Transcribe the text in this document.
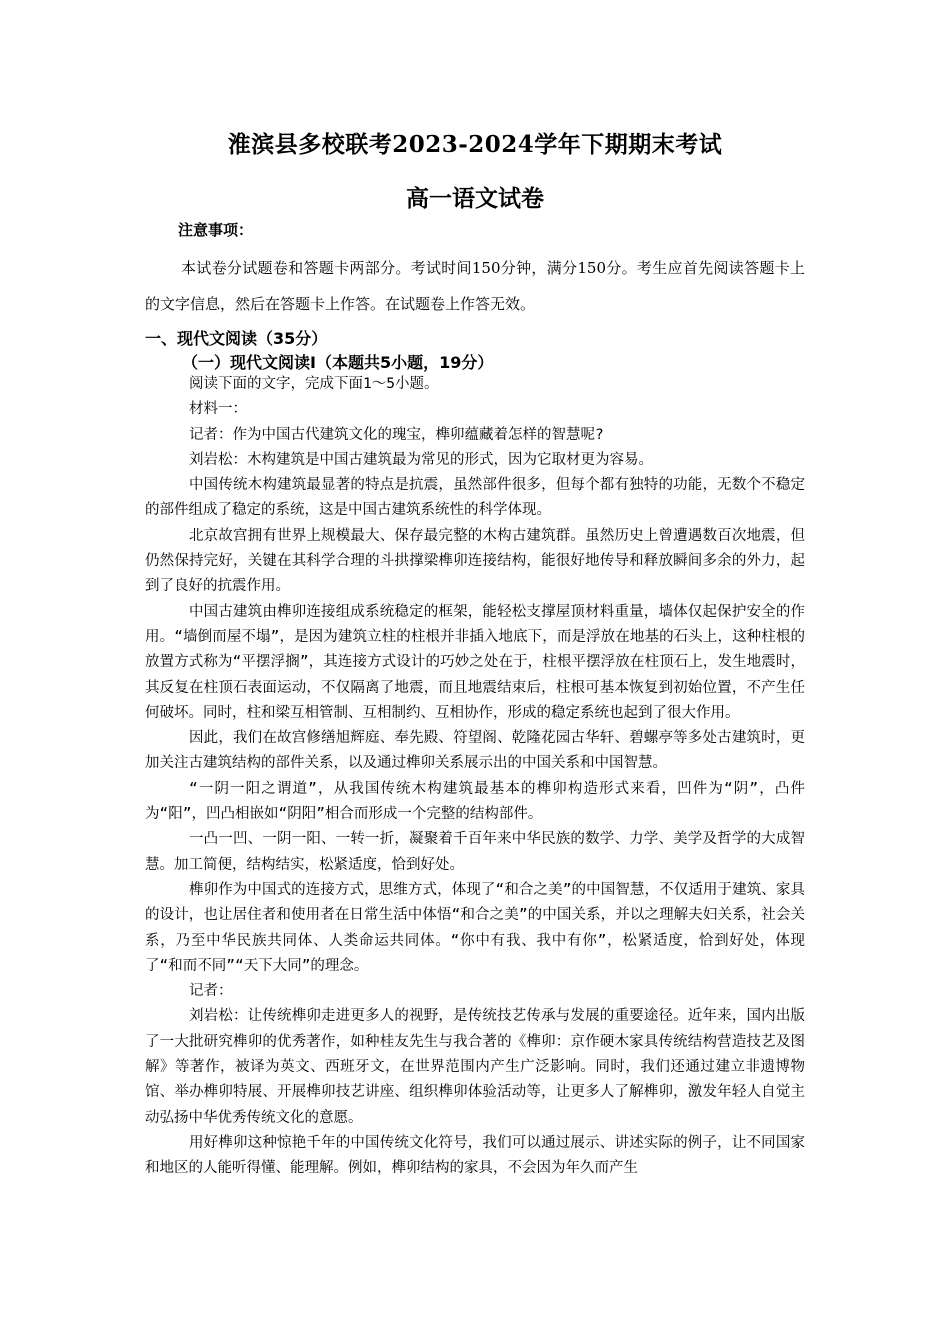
淮滨县多校联考2023-2024学年下期期末考试
高一语文试卷
注意事项：
本试卷分试题卷和答题卡两部分。考试时间150分钟，满分150分。考生应首先阅读答题卡上的文字信息，然后在答题卡上作答。在试题卷上作答无效。
一、现代文阅读（35分）
（一）现代文阅读Ⅰ（本题共5小题，19分）

阅读下面的文字，完成下面1～5小题。

材料一：

记者：作为中国古代建筑文化的瑰宝，榫卯蕴藏着怎样的智慧呢?

刘岩松：木构建筑是中国古建筑最为常见的形式，因为它取材更为容易。

中国传统木构建筑最显著的特点是抗震，虽然部件很多，但每个都有独特的功能，无数个不稳定的部件组成了稳定的系统，这是中国古建筑系统性的科学体现。

北京故宫拥有世界上规模最大、保存最完整的木构古建筑群。虽然历史上曾遭遇数百次地震，但仍然保持完好，关键在其科学合理的斗拱撑梁榫卯连接结构，能很好地传导和释放瞬间多余的外力，起到了良好的抗震作用。

中国古建筑由榫卯连接组成系统稳定的框架，能轻松支撑屋顶材料重量，墙体仅起保护安全的作用。“墙倒而屋不塌”，是因为建筑立柱的柱根并非插入地底下，而是浮放在地基的石头上，这种柱根的放置方式称为“平摆浮搁”，其连接方式设计的巧妙之处在于，柱根平摆浮放在柱顶石上，发生地震时，其反复在柱顶石表面运动，不仅隔离了地震，而且地震结束后，柱根可基本恢复到初始位置，不产生任何破坏。同时，柱和梁互相管制、互相制约、互相协作，形成的稳定系统也起到了很大作用。

因此，我们在故宫修缮旭辉庭、奉先殿、符望阁、乾隆花园古华轩、碧螺亭等多处古建筑时，更加关注古建筑结构的部件关系，以及通过榫卯关系展示出的中国关系和中国智慧。

“一阴一阳之谓道”，从我国传统木构建筑最基本的榫卯构造形式来看，凹件为“阴”，凸件为“阳”，凹凸相嵌如“阴阳”相合而形成一个完整的结构部件。

一凸一凹、一阴一阳、一转一折，凝聚着千百年来中华民族的数学、力学、美学及哲学的大成智慧。加工简便，结构结实，松紧适度，恰到好处。

榫卯作为中国式的连接方式，思维方式，体现了“和合之美”的中国智慧，不仅适用于建筑、家具的设计，也让居住者和使用者在日常生活中体悟“和合之美”的中国关系，并以之理解夫妇关系，社会关系，乃至中华民族共同体、人类命运共同体。“你中有我、我中有你”，松紧适度，恰到好处，体现了“和而不同”“天下大同”的理念。

记者：

刘岩松：让传统榫卯走进更多人的视野，是传统技艺传承与发展的重要途径。近年来，国内出版了一大批研究榫卯的优秀著作，如种桂友先生与我合著的《榫卯：京作硬木家具传统结构营造技艺及图解》等著作，被译为英文、西班牙文，在世界范围内产生广泛影响。同时，我们还通过建立非遗博物馆、举办榫卯特展、开展榫卯技艺讲座、组织榫卯体验活动等，让更多人了解榫卯，激发年轻人自觉主动弘扬中华优秀传统文化的意愿。

用好榫卯这种惊艳千年的中国传统文化符号，我们可以通过展示、讲述实际的例子，让不同国家和地区的人能听得懂、能理解。例如，榫卯结构的家具，不会因为年久而产生
